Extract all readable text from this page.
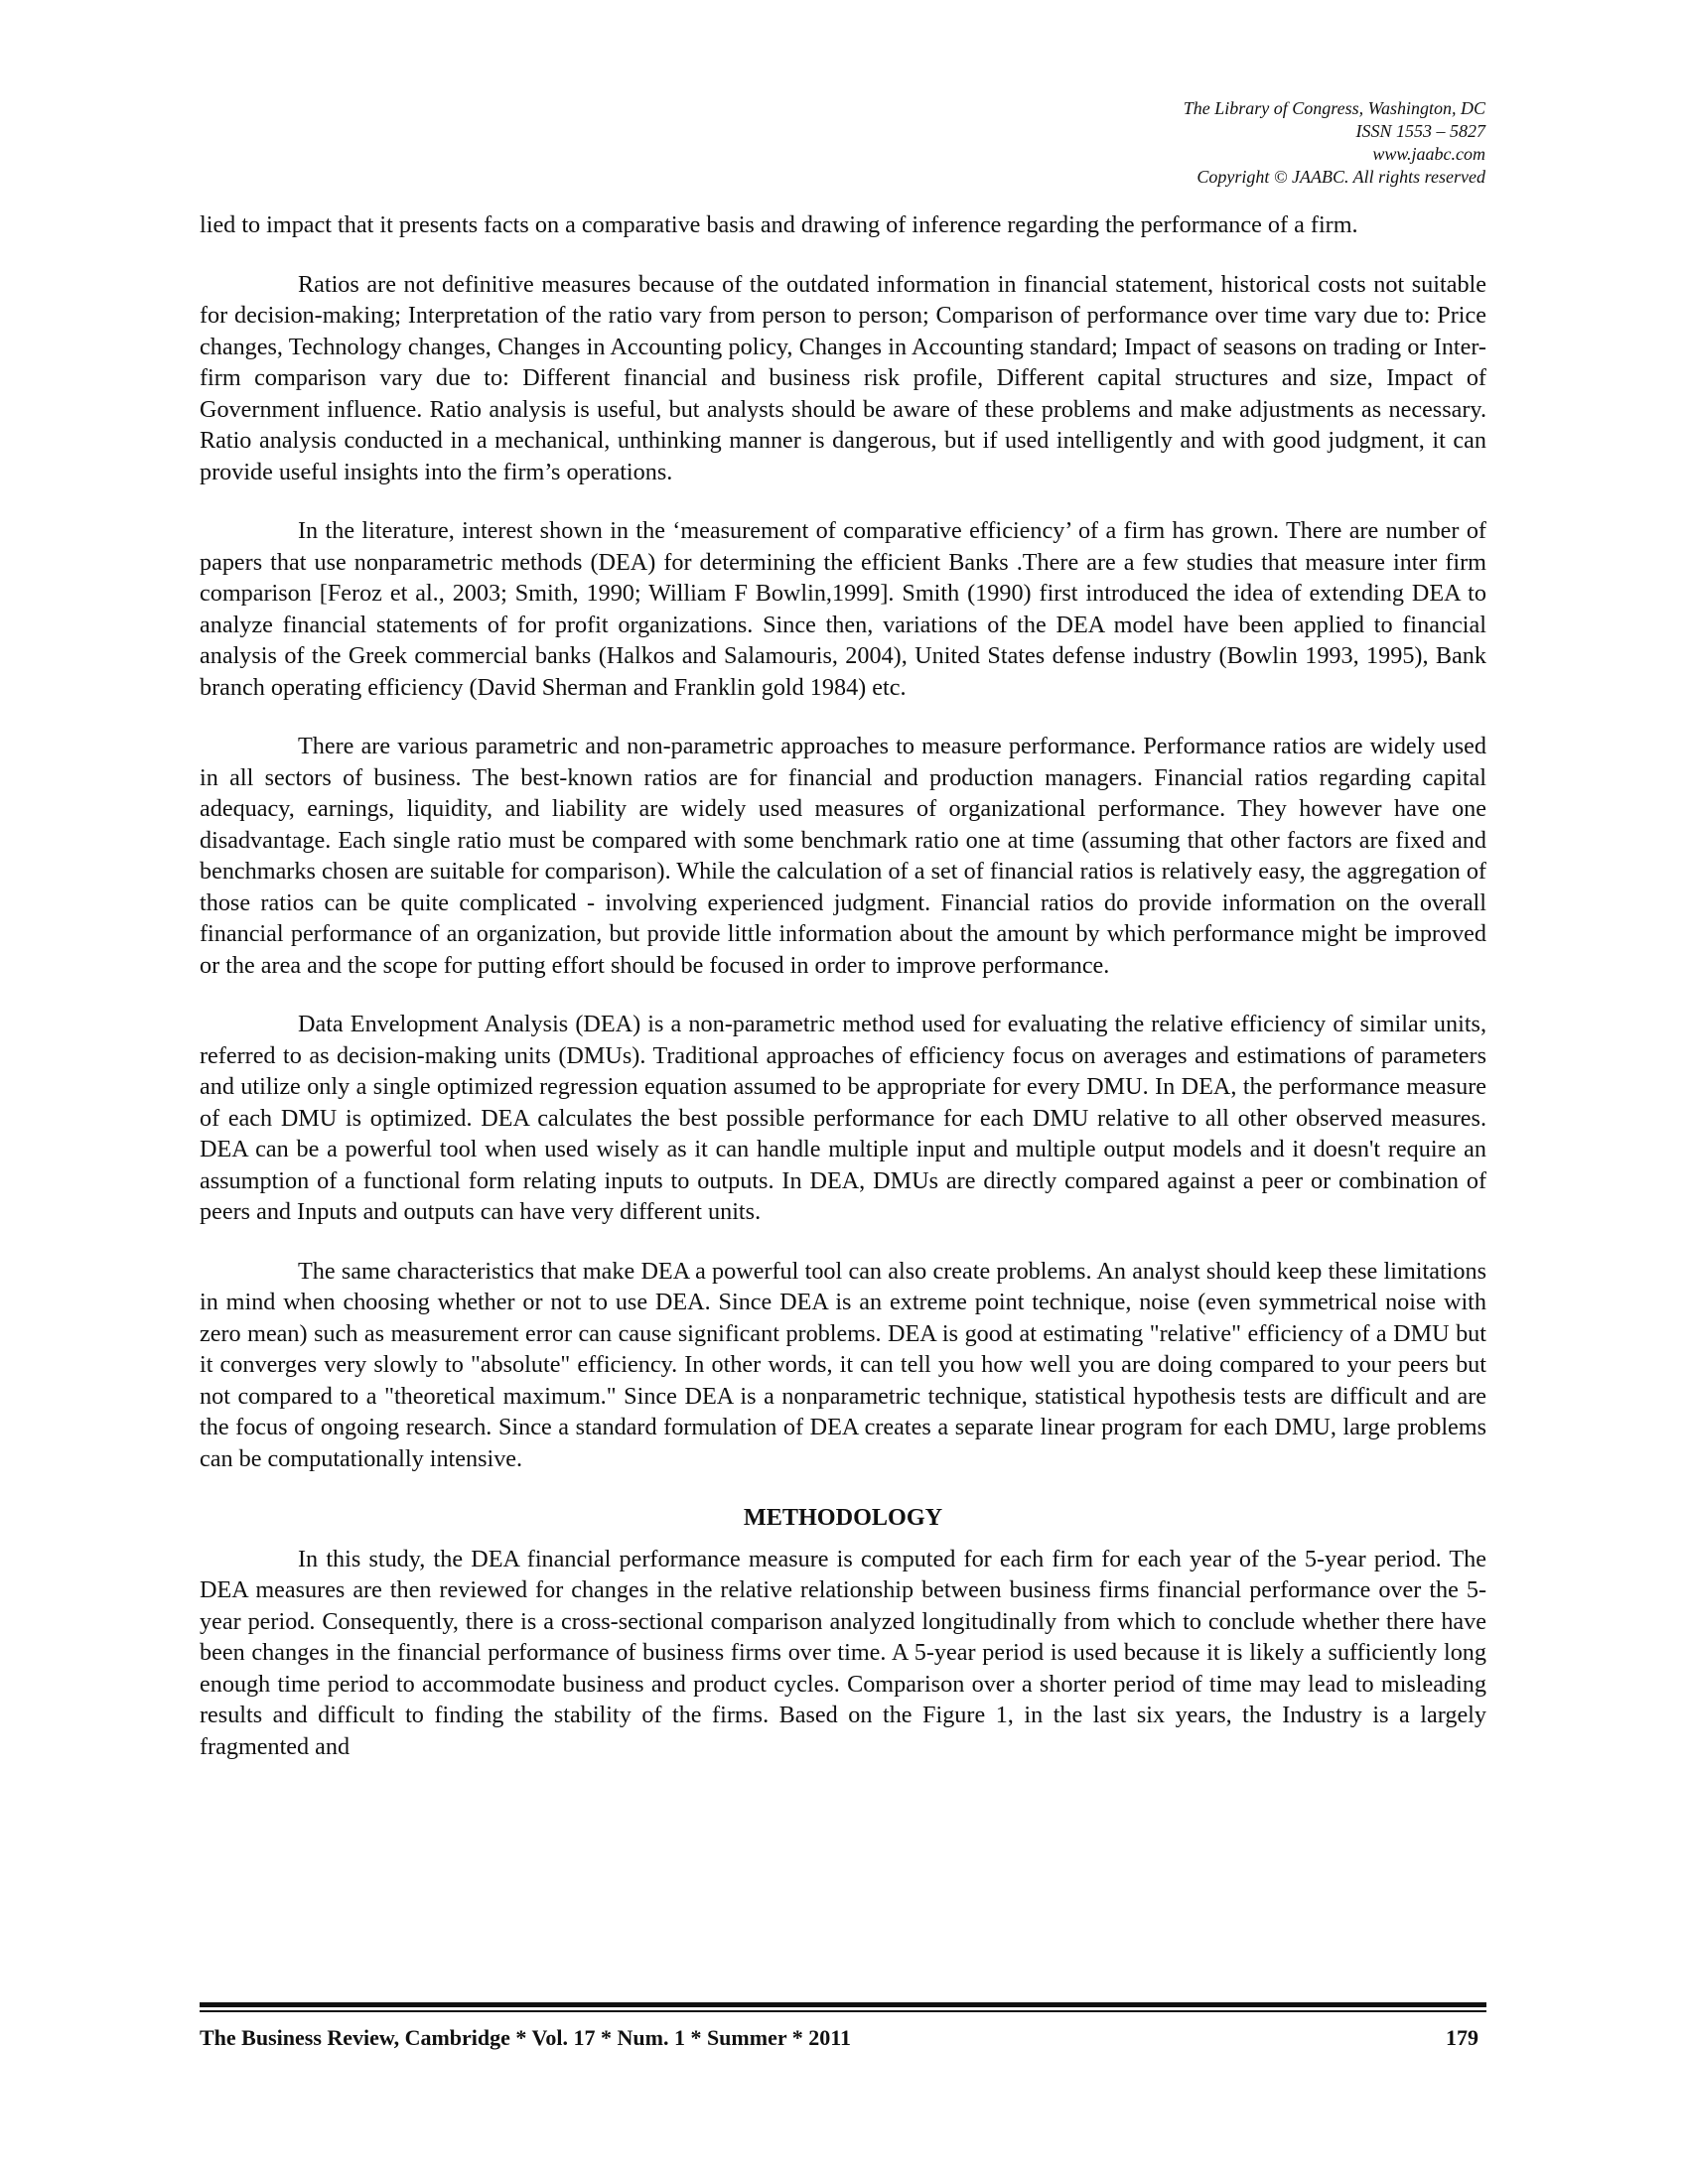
The Library of Congress, Washington, DC
ISSN 1553 – 5827
www.jaabc.com
Copyright © JAABC. All rights reserved

lied to impact that it presents facts on a comparative basis and drawing of inference regarding the performance of a firm.

Ratios are not definitive measures because of the outdated information in financial statement, historical costs not suitable for decision-making; Interpretation of the ratio vary from person to person; Comparison of performance over time vary due to: Price changes, Technology changes, Changes in Accounting policy, Changes in Accounting standard; Impact of seasons on trading or Inter-firm comparison vary due to: Different financial and business risk profile, Different capital structures and size, Impact of Government influence. Ratio analysis is useful, but analysts should be aware of these problems and make adjustments as necessary. Ratio analysis conducted in a mechanical, unthinking manner is dangerous, but if used intelligently and with good judgment, it can provide useful insights into the firm’s operations.

In the literature, interest shown in the ‘measurement of comparative efficiency’ of a firm has grown. There are number of papers that use nonparametric methods (DEA) for determining the efficient Banks .There are a few studies that measure inter firm comparison [Feroz et al., 2003; Smith, 1990; William F Bowlin,1999]. Smith (1990) first introduced the idea of extending DEA to analyze financial statements of for profit organizations. Since then, variations of the DEA model have been applied to financial analysis of the Greek commercial banks (Halkos and Salamouris, 2004), United States defense industry (Bowlin 1993, 1995), Bank branch operating efficiency (David Sherman and Franklin gold 1984) etc.

There are various parametric and non-parametric approaches to measure performance. Performance ratios are widely used in all sectors of business. The best-known ratios are for financial and production managers. Financial ratios regarding capital adequacy, earnings, liquidity, and liability are widely used measures of organizational performance. They however have one disadvantage. Each single ratio must be compared with some benchmark ratio one at time (assuming that other factors are fixed and benchmarks chosen are suitable for comparison). While the calculation of a set of financial ratios is relatively easy, the aggregation of those ratios can be quite complicated - involving experienced judgment. Financial ratios do provide information on the overall financial performance of an organization, but provide little information about the amount by which performance might be improved or the area and the scope for putting effort should be focused in order to improve performance.

Data Envelopment Analysis (DEA) is a non-parametric method used for evaluating the relative efficiency of similar units, referred to as decision-making units (DMUs). Traditional approaches of efficiency focus on averages and estimations of parameters and utilize only a single optimized regression equation assumed to be appropriate for every DMU. In DEA, the performance measure of each DMU is optimized. DEA calculates the best possible performance for each DMU relative to all other observed measures. DEA can be a powerful tool when used wisely as it can handle multiple input and multiple output models and it doesn't require an assumption of a functional form relating inputs to outputs. In DEA, DMUs are directly compared against a peer or combination of peers and Inputs and outputs can have very different units.

The same characteristics that make DEA a powerful tool can also create problems. An analyst should keep these limitations in mind when choosing whether or not to use DEA. Since DEA is an extreme point technique, noise (even symmetrical noise with zero mean) such as measurement error can cause significant problems. DEA is good at estimating "relative" efficiency of a DMU but it converges very slowly to "absolute" efficiency. In other words, it can tell you how well you are doing compared to your peers but not compared to a "theoretical maximum." Since DEA is a nonparametric technique, statistical hypothesis tests are difficult and are the focus of ongoing research. Since a standard formulation of DEA creates a separate linear program for each DMU, large problems can be computationally intensive.

METHODOLOGY

In this study, the DEA financial performance measure is computed for each firm for each year of the 5-year period. The DEA measures are then reviewed for changes in the relative relationship between business firms financial performance over the 5-year period. Consequently, there is a cross-sectional comparison analyzed longitudinally from which to conclude whether there have been changes in the financial performance of business firms over time. A 5-year period is used because it is likely a sufficiently long enough time period to accommodate business and product cycles. Comparison over a shorter period of time may lead to misleading results and difficult to finding the stability of the firms. Based on the Figure 1, in the last six years, the Industry is a largely fragmented and

The Business Review, Cambridge * Vol. 17 * Num. 1 * Summer * 2011	179
